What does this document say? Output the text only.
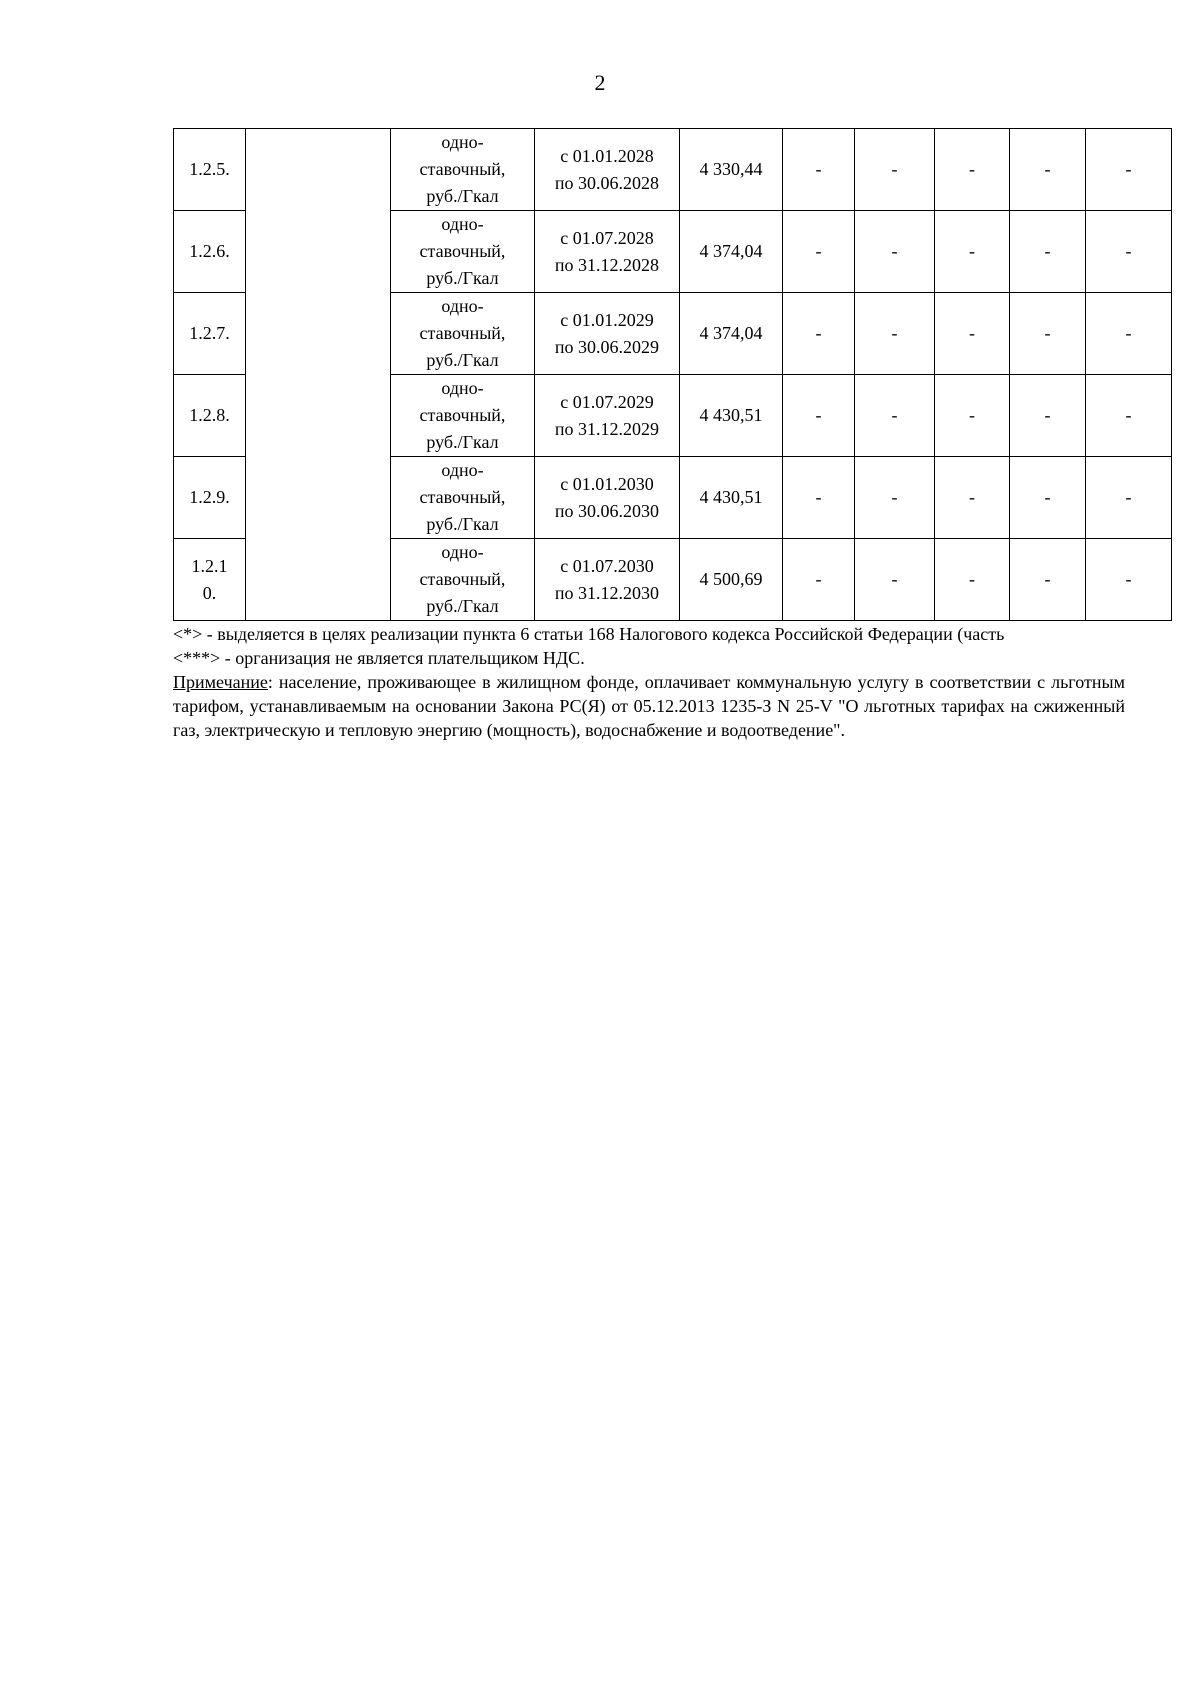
2
1.2.5.		одно-
ставочный,
руб./Гкал	с 01.01.2028
по 30.06.2028	4 330,44	-	-	-	-	-

1.2.6.		одно-
ставочный,
руб./Гкал	с 01.07.2028
по 31.12.2028	4 374,04	-	-	-	-	-

1.2.7.		одно-
ставочный,
руб./Гкал	с 01.01.2029
по 30.06.2029	4 374,04	-	-	-	-	-

1.2.8.		одно-
ставочный,
руб./Гкал	с 01.07.2029
по 31.12.2029	4 430,51	-	-	-	-	-

1.2.9.		одно-
ставочный,
руб./Гкал	с 01.01.2030
по 30.06.2030	4 430,51	-	-	-	-	-

1.2.1
0.		одно-
ставочный,
руб./Гкал	с 01.07.2030
по 31.12.2030	4 500,69	-	-	-	-	-

<*> - выделяется в целях реализации пункта 6 статьи 168 Налогового кодекса Российской Федерации (часть

<***> - организация не является плательщиком НДС.

Примечание: население, проживающее в жилищном фонде, оплачивает коммунальную услугу в соответствии с льготным тарифом, устанавливаемым на основании Закона РС(Я) от 05.12.2013 1235-З N 25-V "О льготных тарифах на сжиженный газ, электрическую и тепловую энергию (мощность), водоснабжение и водоотведение".
